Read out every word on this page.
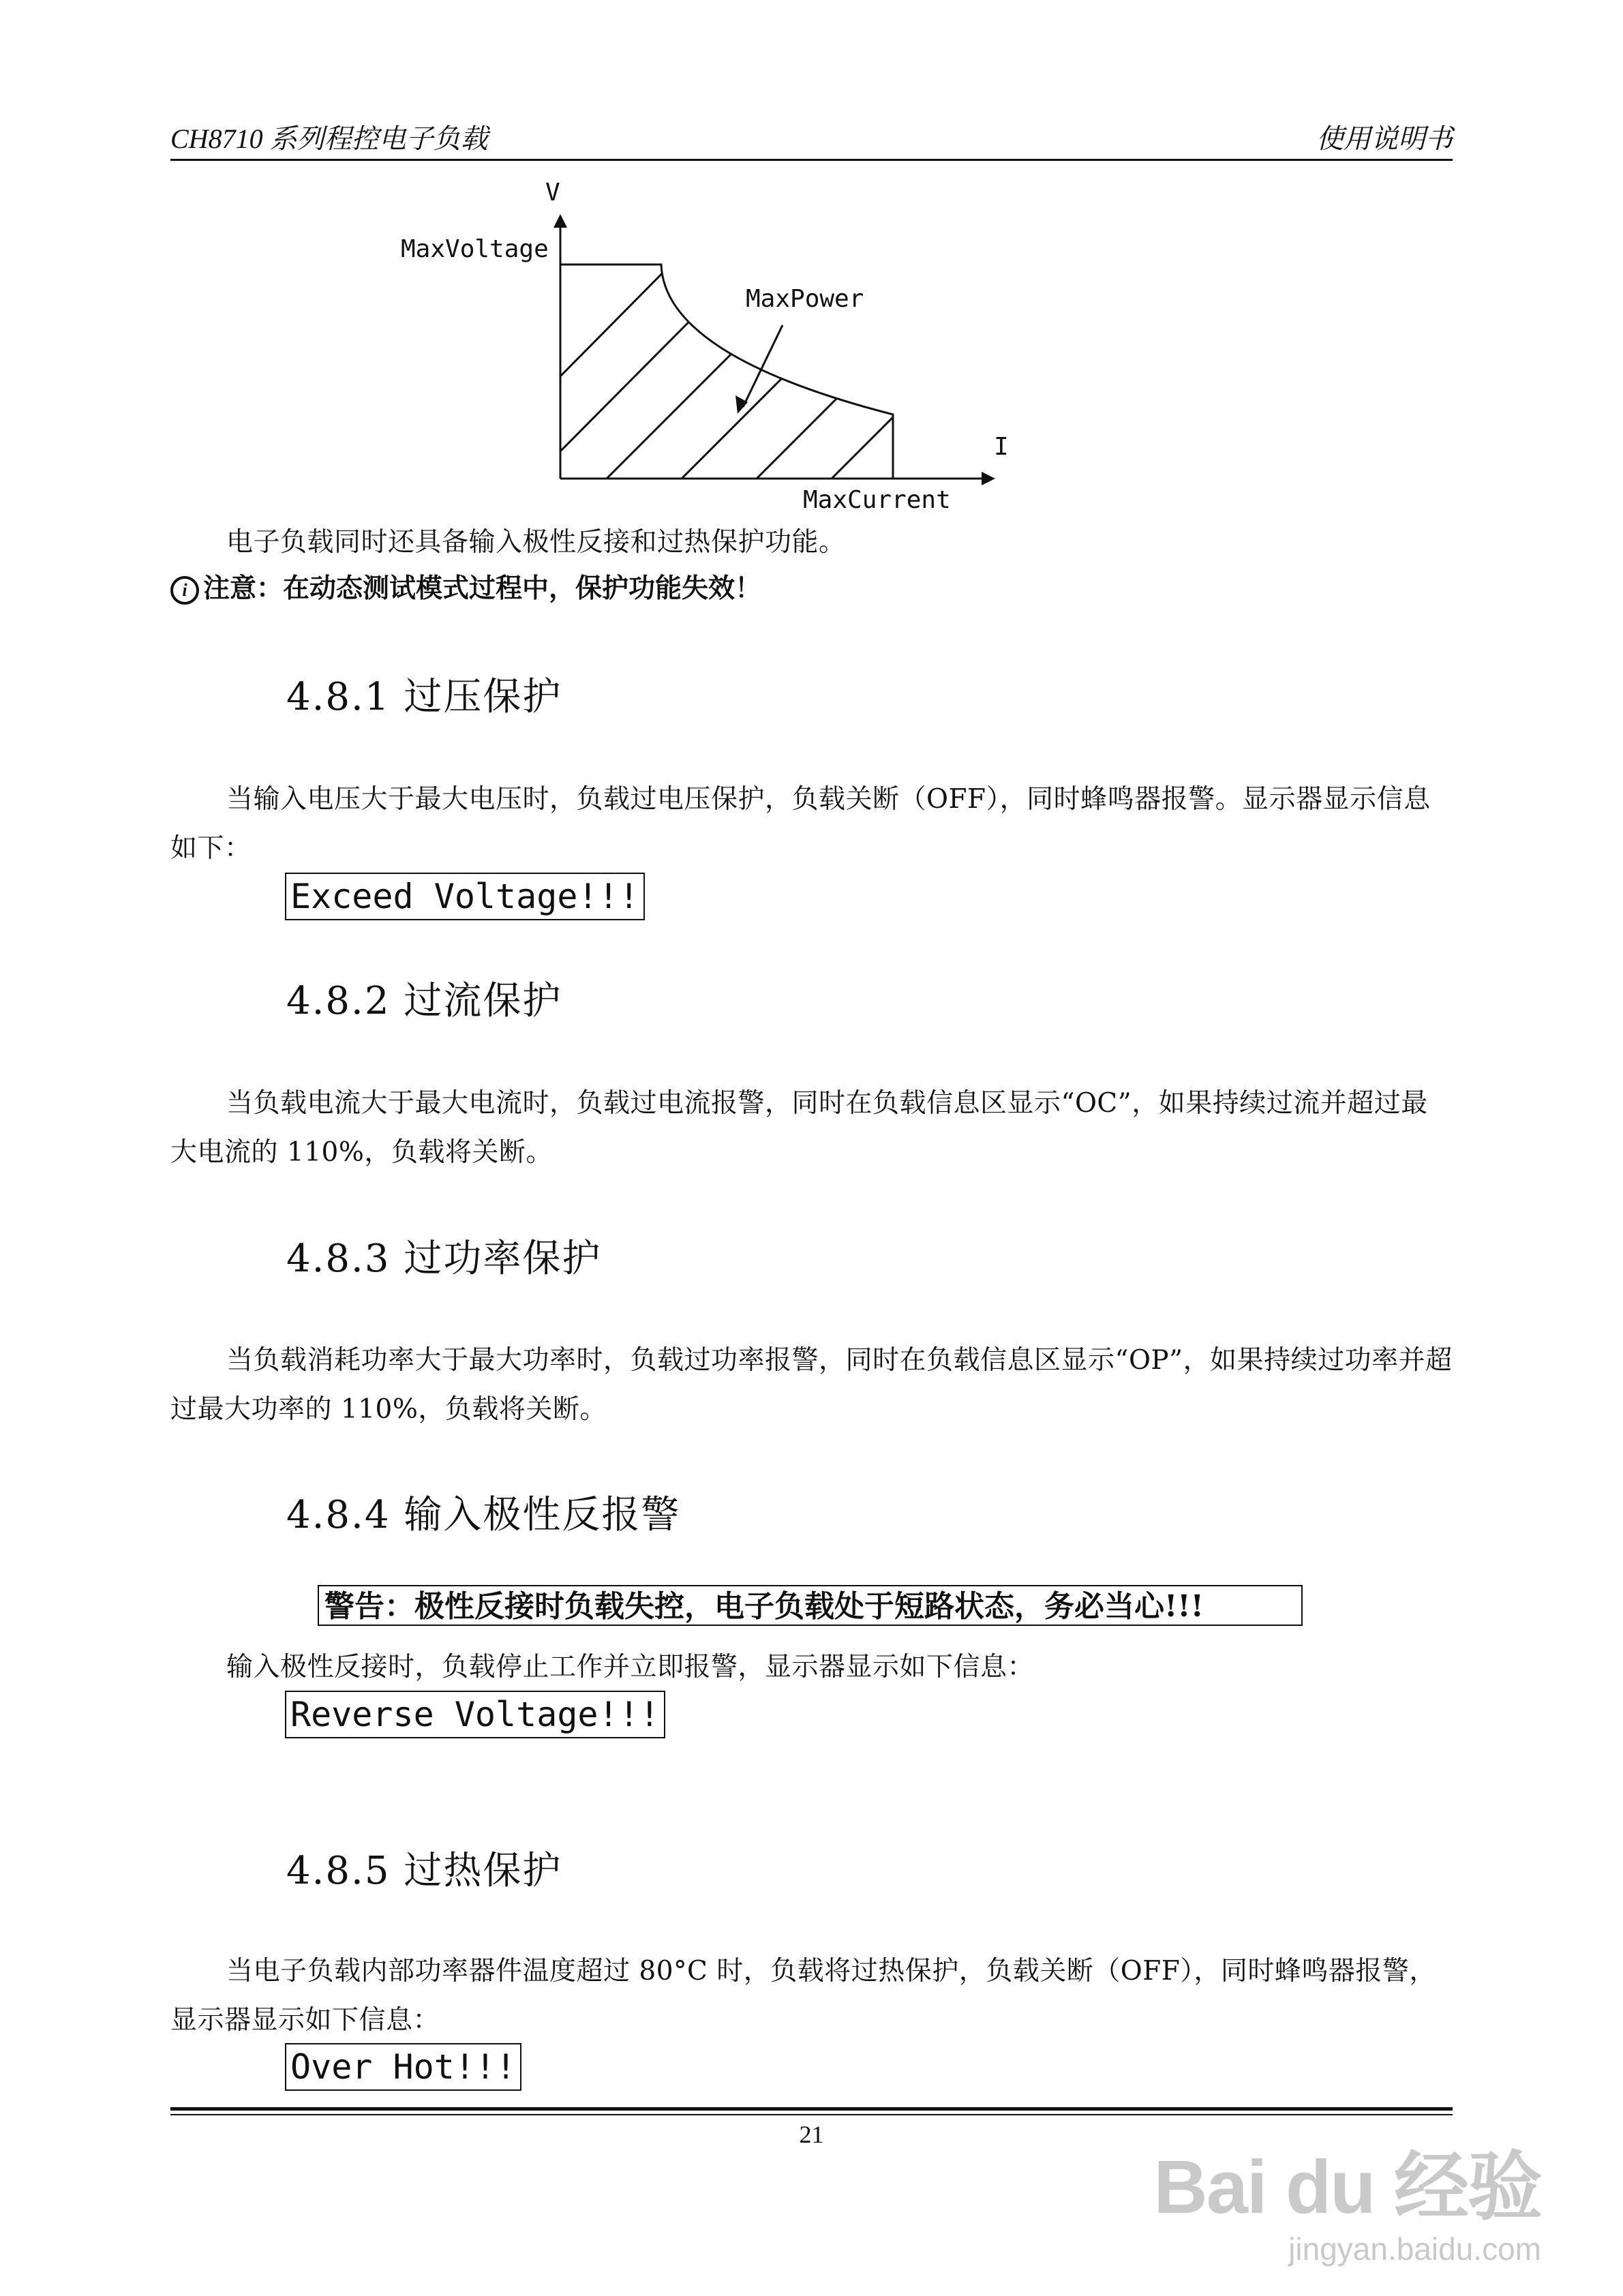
CH8710 系列程控电子负载	使用说明书
V
MaxVoltage
MaxPower
I
MaxCurrent
电子负载同时还具备输入极性反接和过热保护功能。
i 注意：在动态测试模式过程中，保护功能失效！
4.8.1 过压保护
当输入电压大于最大电压时，负载过电压保护，负载关断（OFF），同时蜂鸣器报警。显示器显示信息如下：
Exceed Voltage!!!
4.8.2 过流保护
当负载电流大于最大电流时，负载过电流报警，同时在负载信息区显示“OC”，如果持续过流并超过最大电流的 110%，负载将关断。
4.8.3 过功率保护
当负载消耗功率大于最大功率时，负载过功率报警，同时在负载信息区显示“OP”，如果持续过功率并超过最大功率的 110%，负载将关断。
4.8.4 输入极性反报警
警告：极性反接时负载失控，电子负载处于短路状态，务必当心!!!
输入极性反接时，负载停止工作并立即报警，显示器显示如下信息：
Reverse Voltage!!!
4.8.5 过热保护
当电子负载内部功率器件温度超过 80°C 时，负载将过热保护，负载关断（OFF），同时蜂鸣器报警，显示器显示如下信息：
Over Hot!!!
21
Bai du 经验
jingyan.baidu.com
